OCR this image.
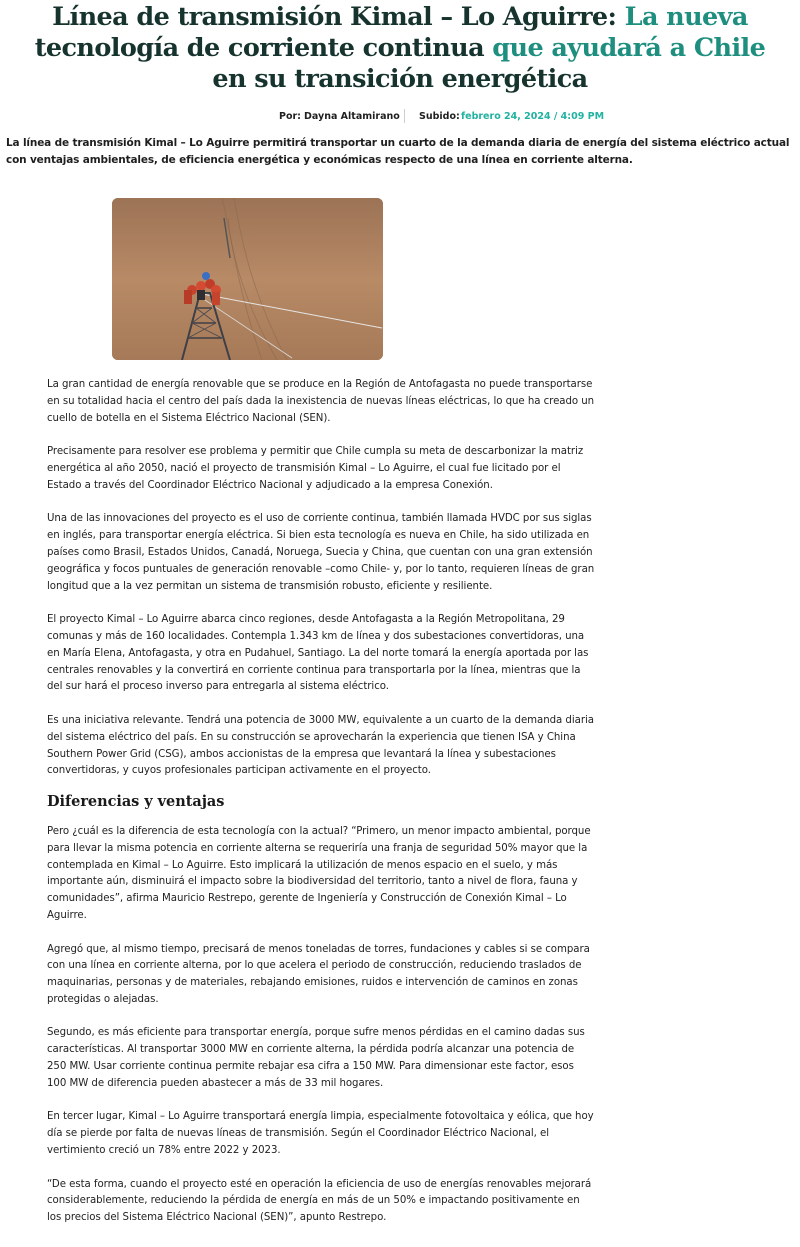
Línea de transmisión Kimal – Lo Aguirre: La nueva
tecnología de corriente continua que ayudará a Chile
en su transición energética
Por: Dayna Altamirano Subido: febrero 24, 2024 / 4:09 PM

La línea de transmisión Kimal – Lo Aguirre permitirá transportar un cuarto de la demanda diaria de energía del sistema eléctrico actual con ventajas ambientales, de eficiencia energética y económicas respecto de una línea en corriente alterna.

La gran cantidad de energía renovable que se produce en la Región de Antofagasta no puede transportarse en su totalidad hacia el centro del país dada la inexistencia de nuevas líneas eléctricas, lo que ha creado un cuello de botella en el Sistema Eléctrico Nacional (SEN).

Precisamente para resolver ese problema y permitir que Chile cumpla su meta de descarbonizar la matriz energética al año 2050, nació el proyecto de transmisión Kimal – Lo Aguirre, el cual fue licitado por el Estado a través del Coordinador Eléctrico Nacional y adjudicado a la empresa Conexión.

Una de las innovaciones del proyecto es el uso de corriente continua, también llamada HVDC por sus siglas en inglés, para transportar energía eléctrica. Si bien esta tecnología es nueva en Chile, ha sido utilizada en países como Brasil, Estados Unidos, Canadá, Noruega, Suecia y China, que cuentan con una gran extensión geográfica y focos puntuales de generación renovable –como Chile- y, por lo tanto, requieren líneas de gran longitud que a la vez permitan un sistema de transmisión robusto, eficiente y resiliente.

El proyecto Kimal – Lo Aguirre abarca cinco regiones, desde Antofagasta a la Región Metropolitana, 29 comunas y más de 160 localidades. Contempla 1.343 km de línea y dos subestaciones convertidoras, una en María Elena, Antofagasta, y otra en Pudahuel, Santiago. La del norte tomará la energía aportada por las centrales renovables y la convertirá en corriente continua para transportarla por la línea, mientras que la del sur hará el proceso inverso para entregarla al sistema eléctrico.

Es una iniciativa relevante. Tendrá una potencia de 3000 MW, equivalente a un cuarto de la demanda diaria del sistema eléctrico del país. En su construcción se aprovecharán la experiencia que tienen ISA y China Southern Power Grid (CSG), ambos accionistas de la empresa que levantará la línea y subestaciones convertidoras, y cuyos profesionales participan activamente en el proyecto.

Diferencias y ventajas

Pero ¿cuál es la diferencia de esta tecnología con la actual? “Primero, un menor impacto ambiental, porque para llevar la misma potencia en corriente alterna se requeriría una franja de seguridad 50% mayor que la contemplada en Kimal – Lo Aguirre. Esto implicará la utilización de menos espacio en el suelo, y más importante aún, disminuirá el impacto sobre la biodiversidad del territorio, tanto a nivel de flora, fauna y comunidades”, afirma Mauricio Restrepo, gerente de Ingeniería y Construcción de Conexión Kimal – Lo Aguirre.

Agregó que, al mismo tiempo, precisará de menos toneladas de torres, fundaciones y cables si se compara con una línea en corriente alterna, por lo que acelera el periodo de construcción, reduciendo traslados de maquinarias, personas y de materiales, rebajando emisiones, ruidos e intervención de caminos en zonas protegidas o alejadas.

Segundo, es más eficiente para transportar energía, porque sufre menos pérdidas en el camino dadas sus características. Al transportar 3000 MW en corriente alterna, la pérdida podría alcanzar una potencia de 250 MW. Usar corriente continua permite rebajar esa cifra a 150 MW. Para dimensionar este factor, esos 100 MW de diferencia pueden abastecer a más de 33 mil hogares.

En tercer lugar, Kimal – Lo Aguirre transportará energía limpia, especialmente fotovoltaica y eólica, que hoy día se pierde por falta de nuevas líneas de transmisión. Según el Coordinador Eléctrico Nacional, el vertimiento creció un 78% entre 2022 y 2023.

“De esta forma, cuando el proyecto esté en operación la eficiencia de uso de energías renovables mejorará considerablemente, reduciendo la pérdida de energía en más de un 50% e impactando positivamente en los precios del Sistema Eléctrico Nacional (SEN)”, apunto Restrepo.
